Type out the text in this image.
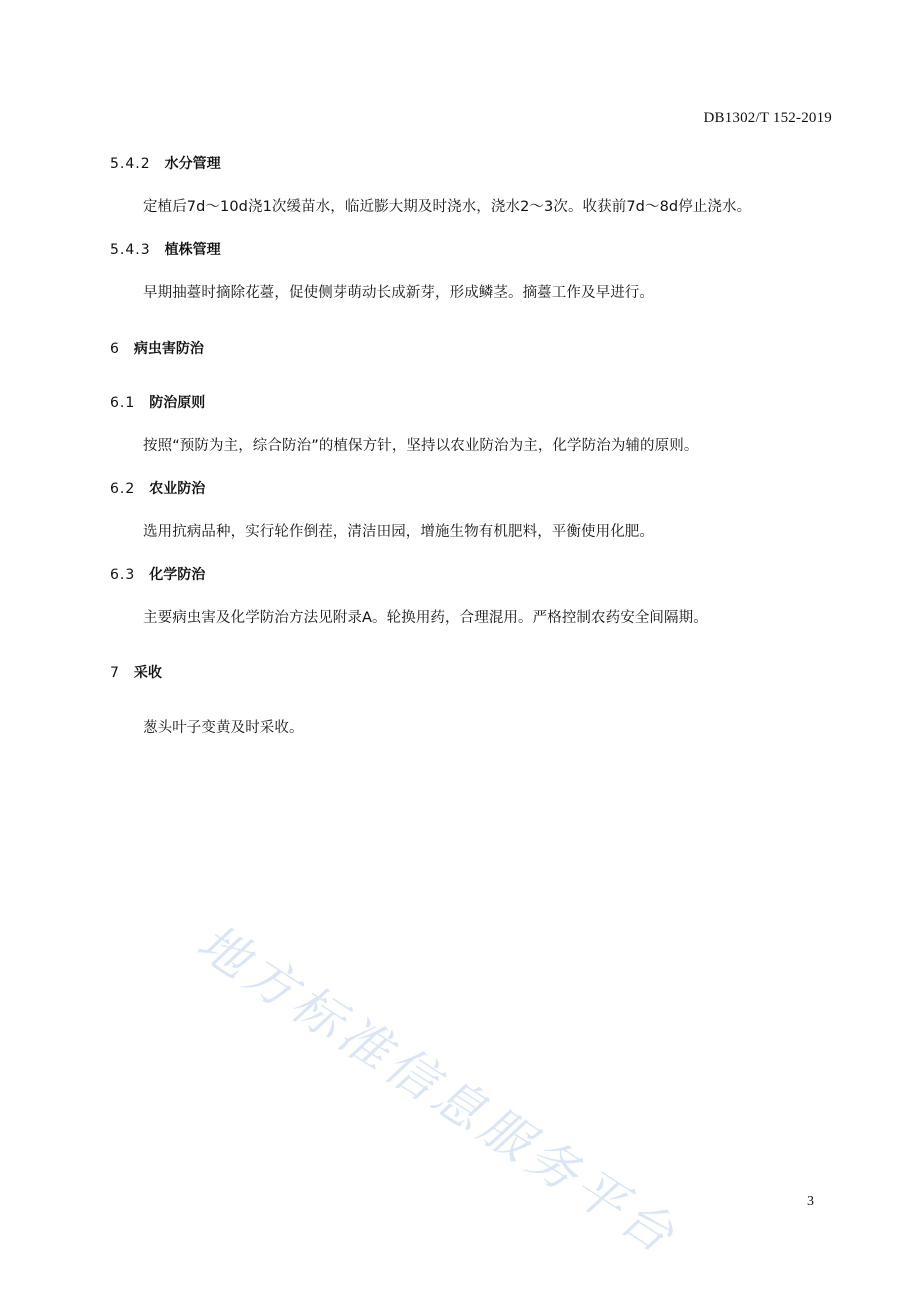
DB1302/T 152-2019
5.4.2 水分管理
定植后7d～10d浇1次缓苗水，临近膨大期及时浇水，浇水2～3次。收获前7d～8d停止浇水。
5.4.3 植株管理
早期抽薹时摘除花薹，促使侧芽萌动长成新芽，形成鳞茎。摘薹工作及早进行。
6 病虫害防治
6.1 防治原则
按照“预防为主，综合防治”的植保方针，坚持以农业防治为主，化学防治为辅的原则。
6.2 农业防治
选用抗病品种，实行轮作倒茬，清洁田园，增施生物有机肥料，平衡使用化肥。
6.3 化学防治
主要病虫害及化学防治方法见附录A。轮换用药，合理混用。严格控制农药安全间隔期。
7 采收
葱头叶子变黄及时采收。
地方标准信息服务平台	3
